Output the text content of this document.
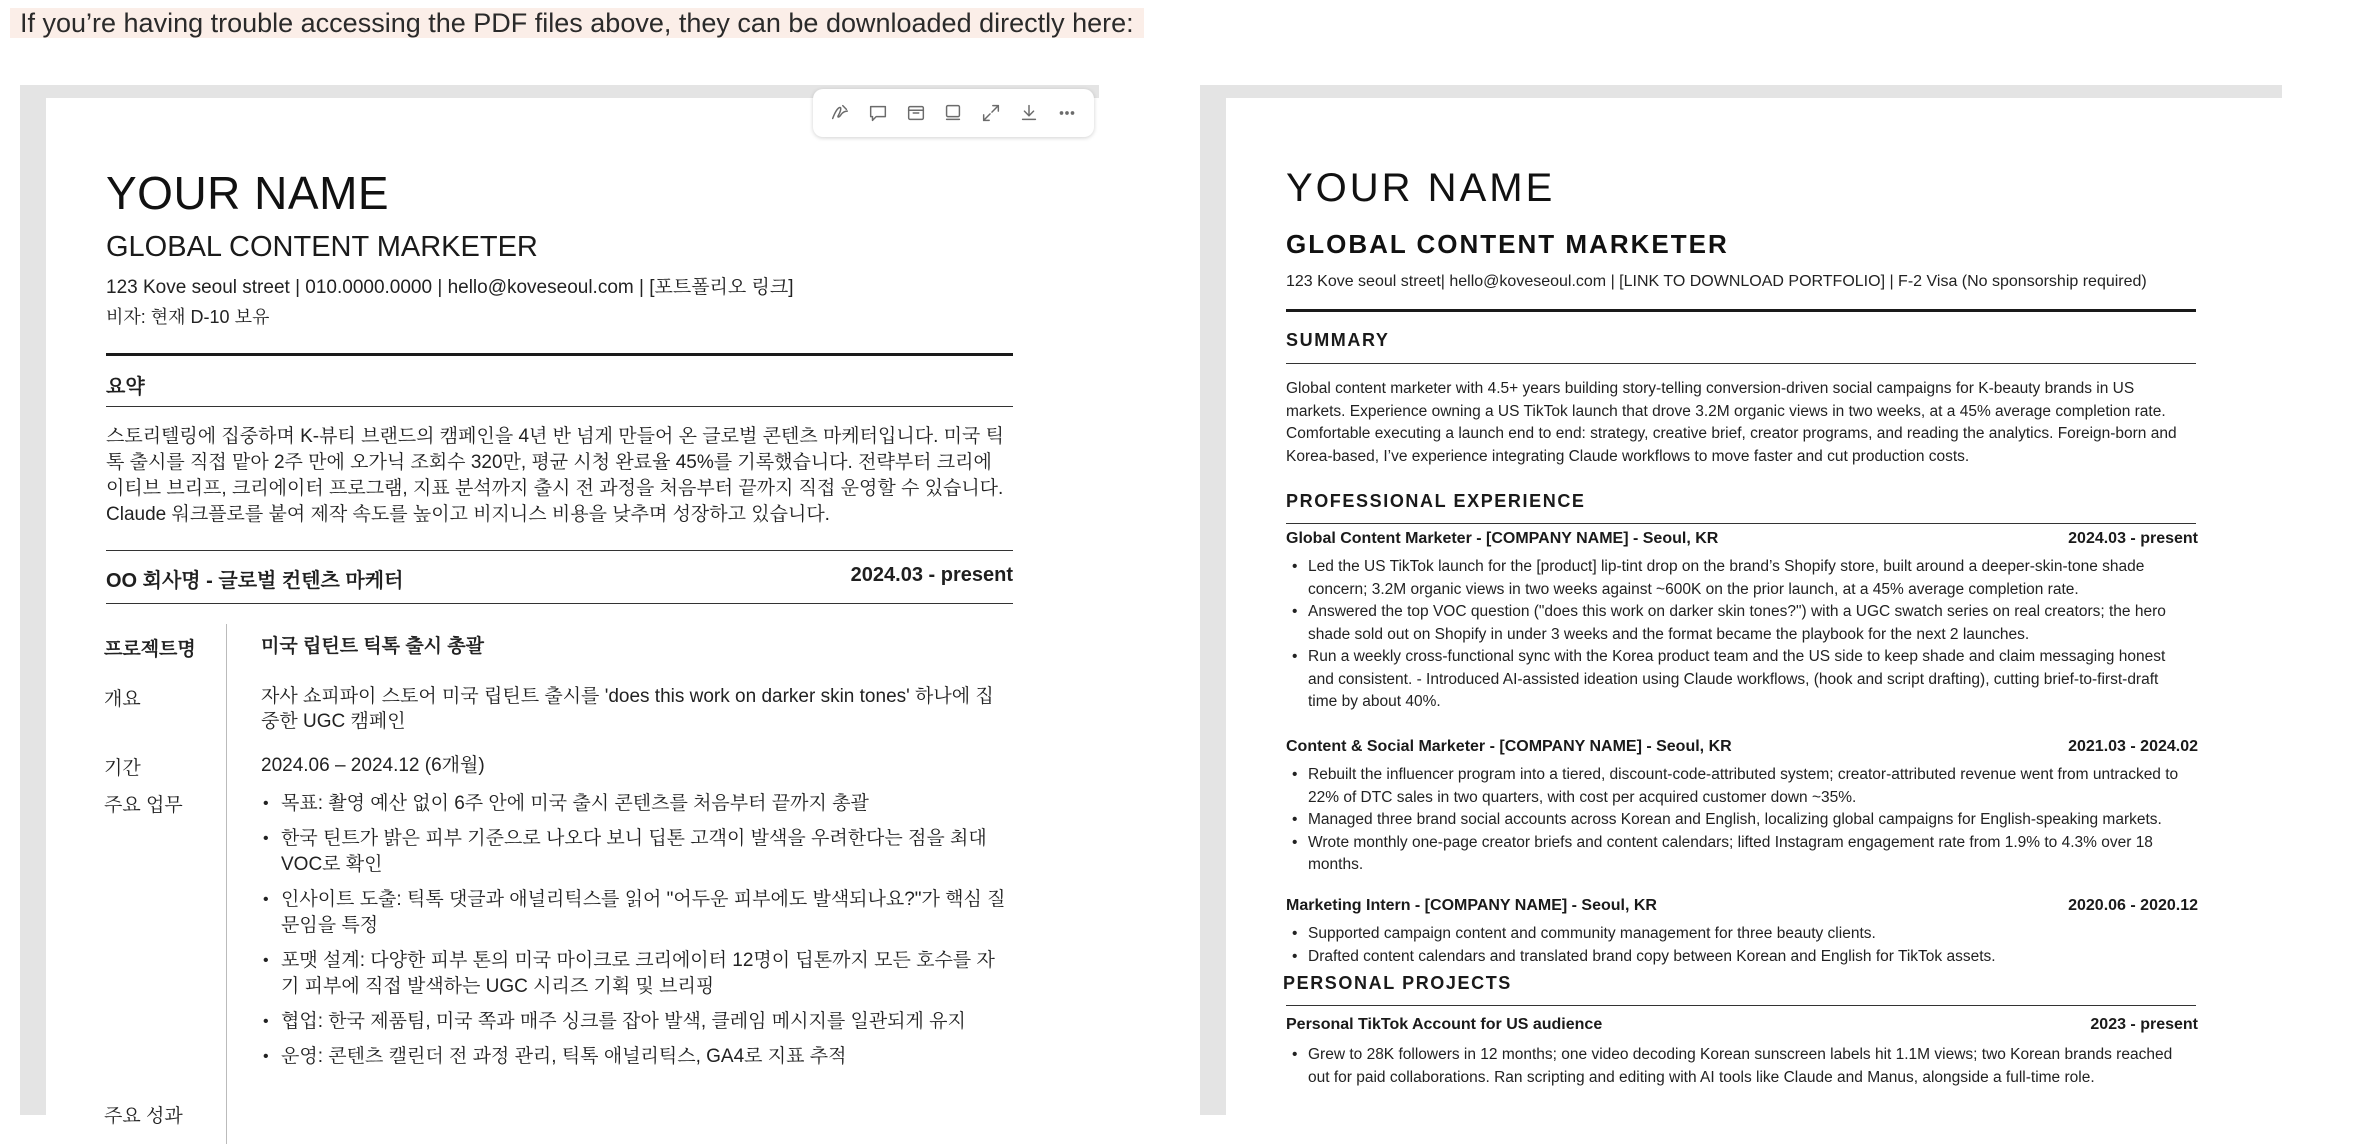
If you’re having trouble accessing the PDF files above, they can be downloaded directly here:
YOUR NAME
GLOBAL CONTENT MARKETER
123 Kove seoul street | 010.0000.0000 | hello@koveseoul.com | [포트폴리오 링크]
비자: 현재 D-10 보유
요약
스토리텔링에 집중하며 K-뷰티 브랜드의 캠페인을 4년 반 넘게 만들어 온 글로벌 콘텐츠 마케터입니다. 미국 틱톡 출시를 직접 맡아 2주 만에 오가닉 조회수 320만, 평균 시청 완료율 45%를 기록했습니다. 전략부터 크리에이티브 브리프, 크리에이터 프로그램, 지표 분석까지 출시 전 과정을 처음부터 끝까지 직접 운영할 수 있습니다. Claude 워크플로를 붙여 제작 속도를 높이고 비지니스 비용을 낮추며 성장하고 있습니다.
OO 회사명 - 글로벌 컨텐츠 마케터	2024.03 - present
프로젝트명	미국 립틴트 틱톡 출시 총괄
개요	자사 쇼피파이 스토어 미국 립틴트 출시를 'does this work on darker skin tones' 하나에 집중한 UGC 캠페인
기간	2024.06 – 2024.12 (6개월)
주요 업무
•	목표: 촬영 예산 없이 6주 안에 미국 출시 콘텐츠를 처음부터 끝까지 총괄
• 한국 틴트가 밝은 피부 기준으로 나오다 보니 딥톤 고객이 발색을 우려한다는 점을 최대 VOC로 확인
• 인사이트 도출: 틱톡 댓글과 애널리틱스를 읽어 "어두운 피부에도 발색되나요?"가 핵심 질문임을 특정
• 포맷 설계: 다양한 피부 톤의 미국 마이크로 크리에이터 12명이 딥톤까지 모든 호수를 자기 피부에 직접 발색하는 UGC 시리즈 기획 및 브리핑
• 협업: 한국 제품팀, 미국 쪽과 매주 싱크를 잡아 발색, 클레임 메시지를 일관되게 유지
• 운영: 콘텐츠 캘린더 전 과정 관리, 틱톡 애널리틱스, GA4로 지표 추적
주요 성과
YOUR NAME
GLOBAL CONTENT MARKETER
123 Kove seoul street| hello@koveseoul.com | [LINK TO DOWNLOAD PORTFOLIO] | F-2 Visa (No sponsorship required)
SUMMARY
Global content marketer with 4.5+ years building story-telling conversion-driven social campaigns for K-beauty brands in US markets. Experience owning a US TikTok launch that drove 3.2M organic views in two weeks, at a 45% average completion rate. Comfortable executing a launch end to end: strategy, creative brief, creator programs, and reading the analytics. Foreign-born and Korea-based, I’ve experience integrating Claude workflows to move faster and cut production costs.
PROFESSIONAL EXPERIENCE
Global Content Marketer - [COMPANY NAME] - Seoul, KR	2024.03 - present
• Led the US TikTok launch for the [product] lip-tint drop on the brand’s Shopify store, built around a deeper-skin-tone shade concern; 3.2M organic views in two weeks against ~600K on the prior launch, at a 45% average completion rate.
• Answered the top VOC question ("does this work on darker skin tones?") with a UGC swatch series on real creators; the hero shade sold out on Shopify in under 3 weeks and the format became the playbook for the next 2 launches.
• Run a weekly cross-functional sync with the Korea product team and the US side to keep shade and claim messaging honest and consistent. - Introduced AI-assisted ideation using Claude workflows, (hook and script drafting), cutting brief-to-first-draft time by about 40%.
Content & Social Marketer - [COMPANY NAME] - Seoul, KR	2021.03 - 2024.02
• Rebuilt the influencer program into a tiered, discount-code-attributed system; creator-attributed revenue went from untracked to 22% of DTC sales in two quarters, with cost per acquired customer down ~35%.
• Managed three brand social accounts across Korean and English, localizing global campaigns for English-speaking markets.
• Wrote monthly one-page creator briefs and content calendars; lifted Instagram engagement rate from 1.9% to 4.3% over 18 months.
Marketing Intern - [COMPANY NAME] - Seoul, KR	2020.06 - 2020.12
• Supported campaign content and community management for three beauty clients.
• Drafted content calendars and translated brand copy between Korean and English for TikTok assets.
PERSONAL PROJECTS
Personal TikTok Account for US audience	2023 - present
• Grew to 28K followers in 12 months; one video decoding Korean sunscreen labels hit 1.1M views; two Korean brands reached out for paid collaborations. Ran scripting and editing with AI tools like Claude and Manus, alongside a full-time role.
